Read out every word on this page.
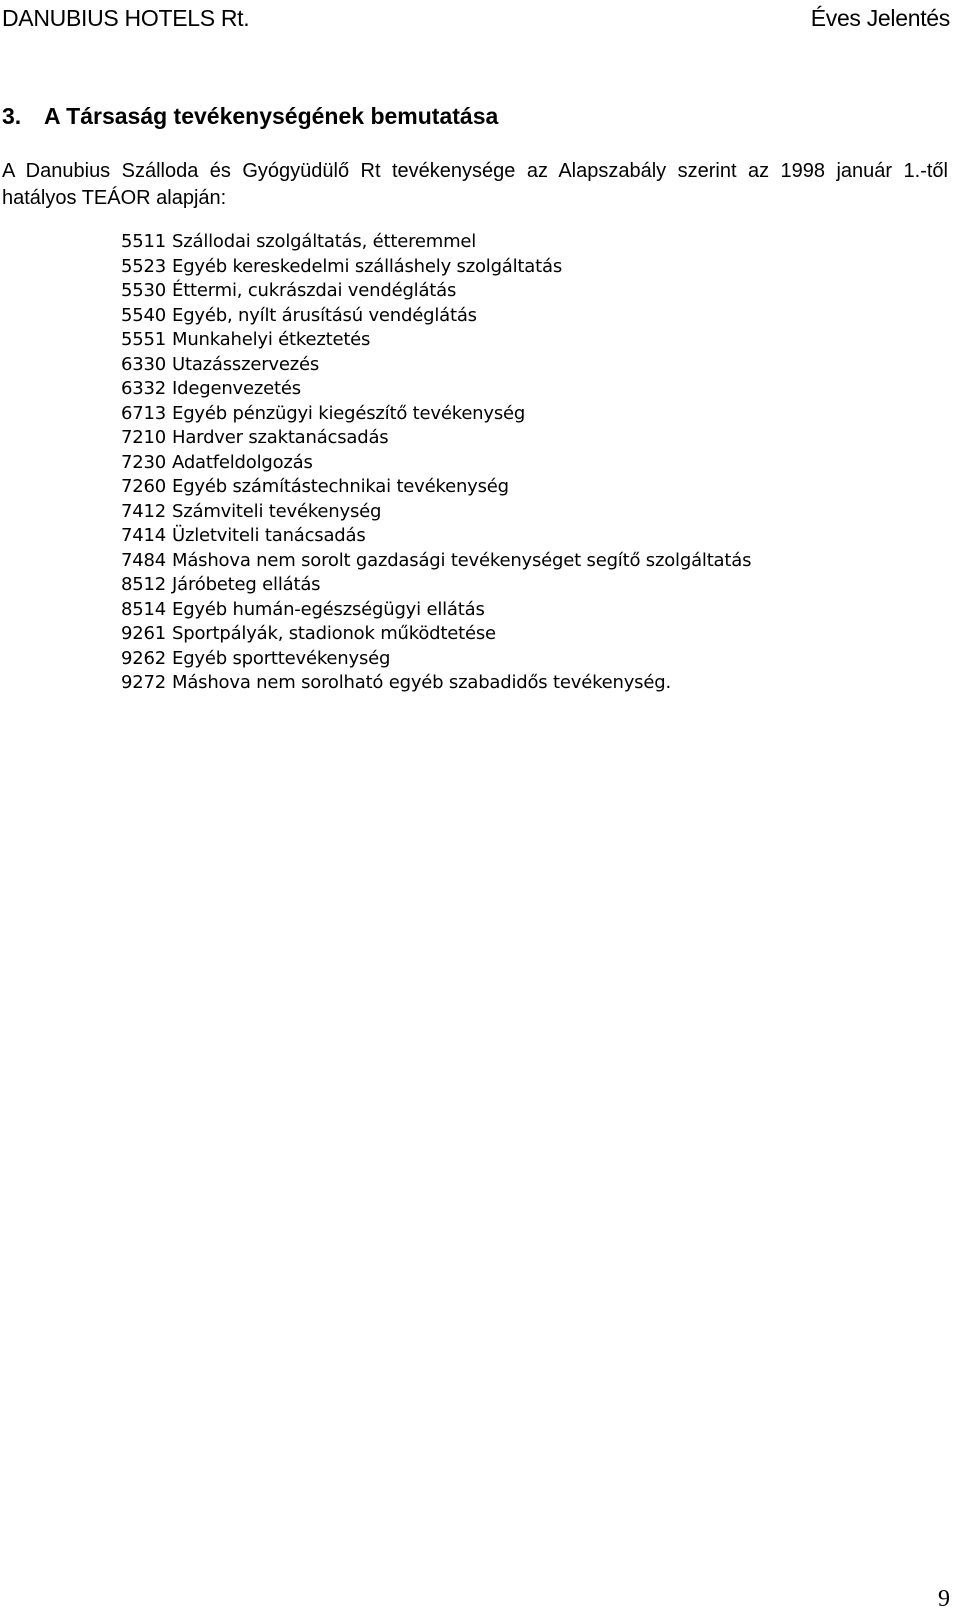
DANUBIUS HOTELS Rt.	Éves Jelentés
3. A Társaság tevékenységének bemutatása
A Danubius Szálloda és Gyógyüdülő Rt tevékenysége az Alapszabály szerint az 1998 január 1.-től hatályos TEÁOR alapján:
5511 Szállodai szolgáltatás, étteremmel
5523 Egyéb kereskedelmi szálláshely szolgáltatás
5530 Éttermi, cukrászdai vendéglátás
5540 Egyéb, nyílt árusítású vendéglátás
5551 Munkahelyi étkeztetés
6330 Utazásszervezés
6332 Idegenvezetés
6713 Egyéb pénzügyi kiegészítő tevékenység
7210 Hardver szaktanácsadás
7230 Adatfeldolgozás
7260 Egyéb számítástechnikai tevékenység
7412 Számviteli tevékenység
7414 Üzletviteli tanácsadás
7484 Máshova nem sorolt gazdasági tevékenységet segítő szolgáltatás
8512 Járóbeteg ellátás
8514 Egyéb humán-egészségügyi ellátás
9261 Sportpályák, stadionok működtetése
9262 Egyéb sporttevékenység
9272 Máshova nem sorolható egyéb szabadidős tevékenység.
9
